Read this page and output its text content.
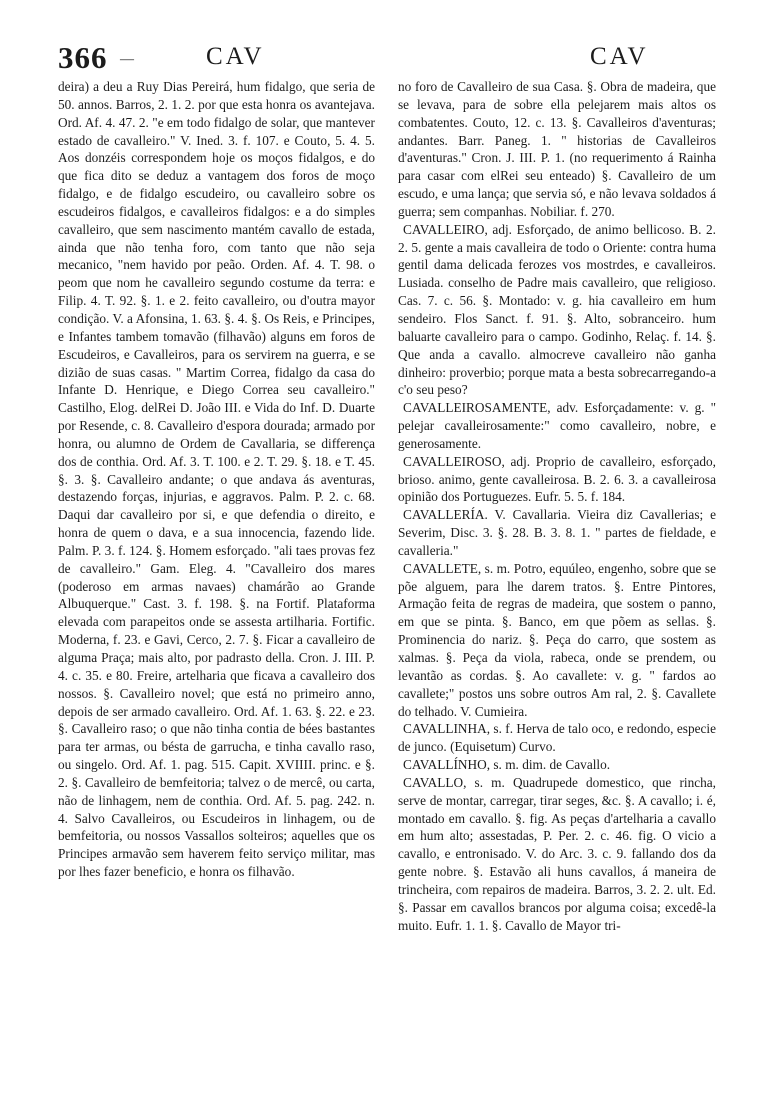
366 —	CAV	CAV

deira) a deu a Ruy Dias Pereirá, hum fidalgo, que seria de 50. annos. Barros, 2. 1. 2. por que esta honra os avantejava. Ord. Af. 4. 47. 2. "e em todo fidalgo de solar, que mantever estado de cavalleiro." V. Ined. 3. f. 107. e Couto, 5. 4. 5. Aos donzéis correspondem hoje os moços fidalgos, e do que fica dito se deduz a vantagem dos foros de moço fidalgo, e de fidalgo escudeiro, ou cavalleiro sobre os escudeiros fidalgos, e cavalleiros fidalgos: e a do simples cavalleiro, que sem nascimento mantém cavallo de estada, ainda que não tenha foro, com tanto que não seja mecanico, "nem havido por peão. Orden. Af. 4. T. 98. o peom que nom he cavalleiro segundo costume da terra: e Filip. 4. T. 92. §. 1. e 2. feito cavalleiro, ou d'outra mayor condição. V. a Afonsina, 1. 63. §. 4. §. Os Reis, e Principes, e Infantes tambem tomavão (filhavão) alguns em foros de Escudeiros, e Cavalleiros, para os servirem na guerra, e se dizião de suas casas. " Martim Correa, fidalgo da casa do Infante D. Henrique, e Diego Correa seu cavalleiro." Castilho, Elog. delRei D. João III. e Vida do Inf. D. Duarte por Resende, c. 8. Cavalleiro d'espora dourada; armado por honra, ou alumno de Ordem de Cavallaria, se differença dos de conthia. Ord. Af. 3. T. 100. e 2. T. 29. §. 18. e T. 45. §. 3. §. Cavalleiro andante; o que andava ás aventuras, destazendo forças, injurias, e aggravos. Palm. P. 2. c. 68. Daqui dar cavalleiro por si, e que defendia o direito, e honra de quem o dava, e a sua innocencia, fazendo lide. Palm. P. 3. f. 124. §. Homem esforçado. "ali taes provas fez de cavalleiro." Gam. Eleg. 4. "Cavalleiro dos mares (poderoso em armas navaes) chamárão ao Grande Albuquerque." Cast. 3. f. 198. §. na Fortif. Plataforma elevada com parapeitos onde se assesta artilharia. Fortific. Moderna, f. 23. e Gavi, Cerco, 2. 7. §. Ficar a cavalleiro de alguma Praça; mais alto, por padrasto della. Cron. J. III. P. 4. c. 35. e 80. Freire, artelharia que ficava a cavalleiro dos nossos. §. Cavalleiro novel; que está no primeiro anno, depois de ser armado cavalleiro. Ord. Af. 1. 63. §. 22. e 23. §. Cavalleiro raso; o que não tinha contia de bées bastantes para ter armas, ou bésta de garrucha, e tinha cavallo raso, ou singelo. Ord. Af. 1. pag. 515. Capit. XVIIII. princ. e §. 2. §. Cavalleiro de bemfeitoria; talvez o de mercê, ou carta, não de linhagem, nem de conthia. Ord. Af. 5. pag. 242. n. 4. Salvo Cavalleiros, ou Escudeiros in linhagem, ou de bemfeitoria, ou nossos Vassallos solteiros; aquelles que os Principes armavão sem haverem feito serviço militar, mas por lhes fazer beneficio, e honra os filhavão.

no foro de Cavalleiro de sua Casa. §. Obra de madeira, que se levava, para de sobre ella pelejarem mais altos os combatentes. Couto, 12. c. 13. §. Cavalleiros d'aventuras; andantes. Barr. Paneg. 1. " historias de Cavalleiros d'aventuras." Cron. J. III. P. 1. (no requerimento á Rainha para casar com elRei seu enteado) §. Cavalleiro de um escudo, e uma lança; que servia só, e não levava soldados á guerra; sem companhas. Nobiliar. f. 270.

CAVALLEIRO, adj. Esforçado, de animo bellicoso. B. 2. 2. 5. gente a mais cavalleira de todo o Oriente: contra huma gentil dama delicada ferozes vos mostrdes, e cavalleiros. Lusiada. conselho de Padre mais cavalleiro, que religioso. Cas. 7. c. 56. §. Montado: v. g. hia cavalleiro em hum sendeiro. Flos Sanct. f. 91. §. Alto, sobranceiro. hum baluarte cavalleiro para o campo. Godinho, Relaç. f. 14. §. Que anda a cavallo. almocreve cavalleiro não ganha dinheiro: proverbio; porque mata a besta sobrecarregando-a c'o seu peso?

CAVALLEIROSAMENTE, adv. Esforçadamente: v. g. " pelejar cavalleirosamente:" como cavalleiro, nobre, e generosamente.

CAVALLEIROSO, adj. Proprio de cavalleiro, esforçado, brioso. animo, gente cavalleirosa. B. 2. 6. 3. a cavalleirosa opinião dos Portuguezes. Eufr. 5. 5. f. 184.

CAVALLERÍA. V. Cavallaria. Vieira diz Cavallerias; e Severim, Disc. 3. §. 28. B. 3. 8. 1. " partes de fieldade, e cavalleria."

CAVALLETE, s. m. Potro, equúleo, engenho, sobre que se põe alguem, para lhe darem tratos. §. Entre Pintores, Armação feita de regras de madeira, que sostem o panno, em que se pinta. §. Banco, em que põem as sellas. §. Prominencia do nariz. §. Peça do carro, que sostem as xalmas. §. Peça da viola, rabeca, onde se prendem, ou levantão as cordas. §. Ao cavallete: v. g. " fardos ao cavallete;" postos uns sobre outros Am ral, 2. §. Cavallete do telhado. V. Cumieira.

CAVALLINHA, s. f. Herva de talo oco, e redondo, especie de junco. (Equisetum) Curvo.

CAVALLÍNHO, s. m. dim. de Cavallo.

CAVALLO, s. m. Quadrupede domestico, que rincha, serve de montar, carregar, tirar seges, &c. §. A cavallo; i. é, montado em cavallo. §. fig. As peças d'artelharia a cavallo em hum alto; assestadas, P. Per. 2. c. 46. fig. O vicio a cavallo, e entronisado. V. do Arc. 3. c. 9. fallando dos da gente nobre. §. Estavão ali huns cavallos, á maneira de trincheira, com repairos de madeira. Barros, 3. 2. 2. ult. Ed. §. Passar em cavallos brancos por alguma coisa; excedê-la muito. Eufr. 1. 1. §. Cavallo de Mayor tri-
